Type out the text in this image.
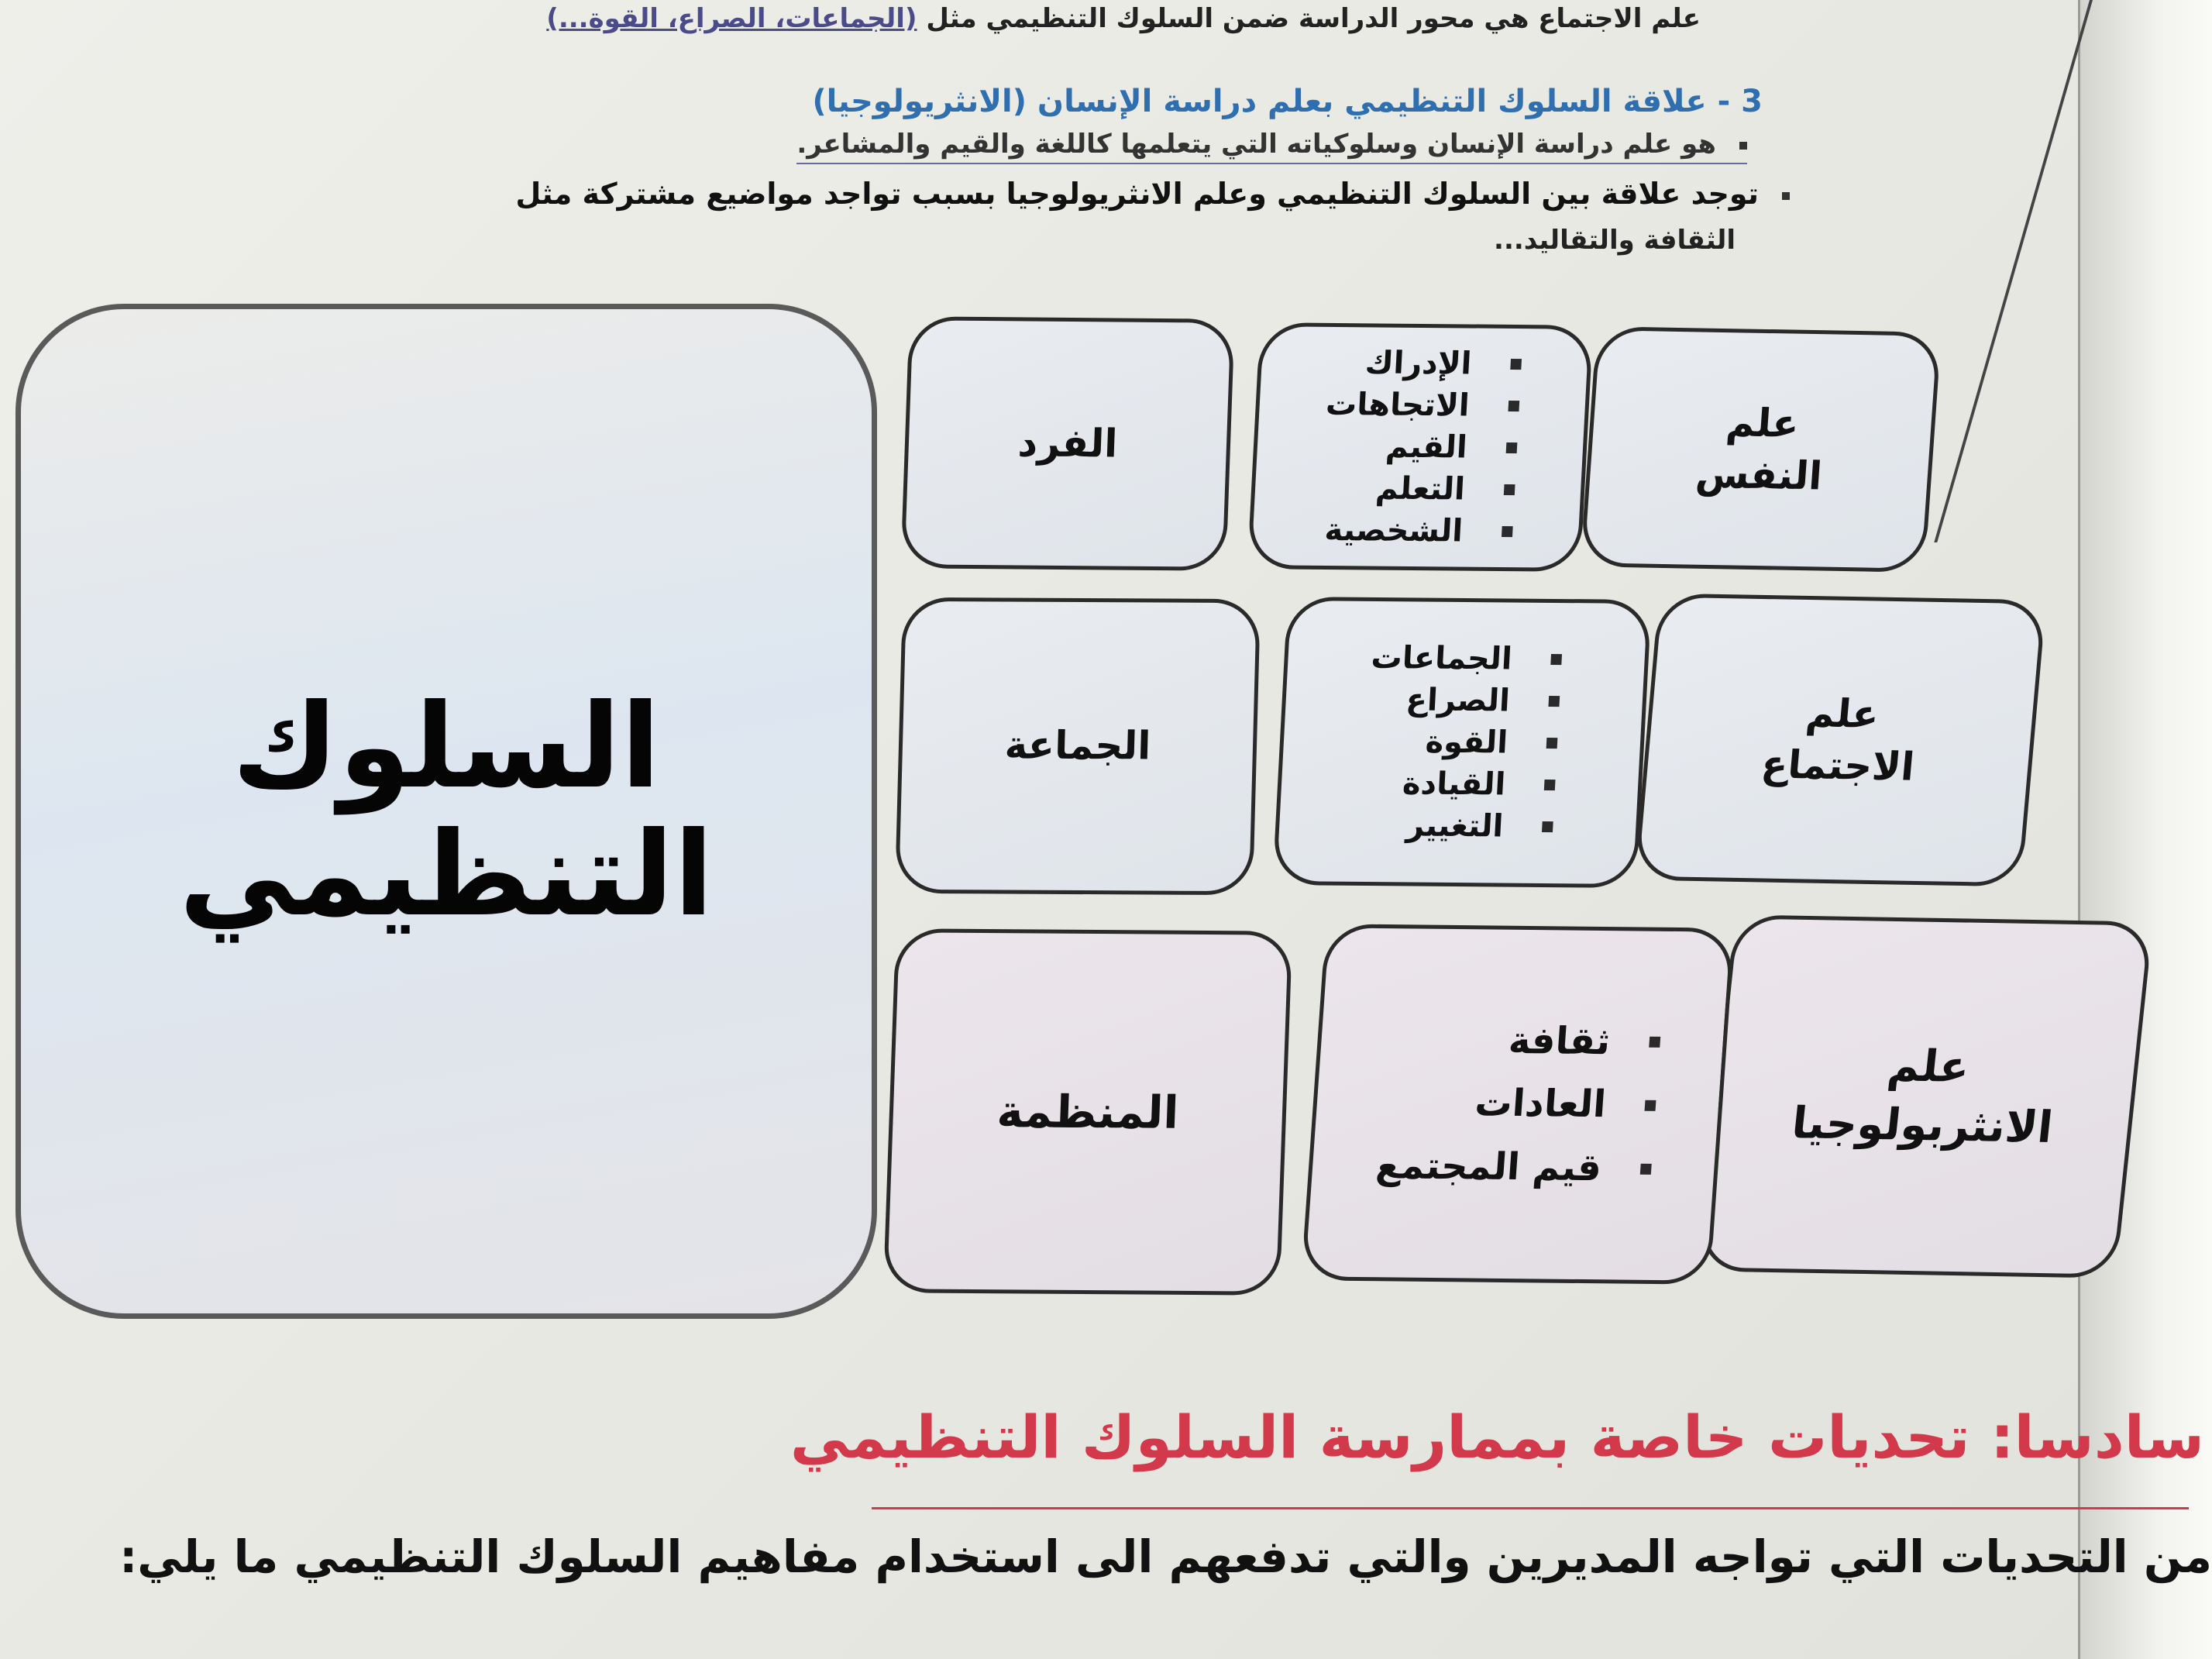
علم الاجتماع هي محور الدراسة ضمن السلوك التنظيمي مثل (الجماعات، الصراع، القوة...)
3 - علاقة السلوك التنظيمي بعلم دراسة الإنسان (الانثريولوجيا)
هو علم دراسة الإنسان وسلوكياته التي يتعلمها كاللغة والقيم والمشاعر.
توجد علاقة بين السلوك التنظيمي وعلم الانثريولوجيا بسبب تواجد مواضيع مشتركة مثل
الثقافة والتقاليد...
السلوك
التنظيمي
علم
النفس
الإدراك
الاتجاهات
القيم
التعلم
الشخصية
الفرد
علم
الاجتماع
الجماعات
الصراع
القوة
القيادة
التغيير
الجماعة
علم
الانثربولوجيا
ثقافة
العادات
قيم المجتمع
المنظمة
سادسا: تحديات خاصة بممارسة السلوك التنظيمي
من التحديات التي تواجه المديرين والتي تدفعهم الى استخدام مفاهيم السلوك التنظيمي ما يلي:
